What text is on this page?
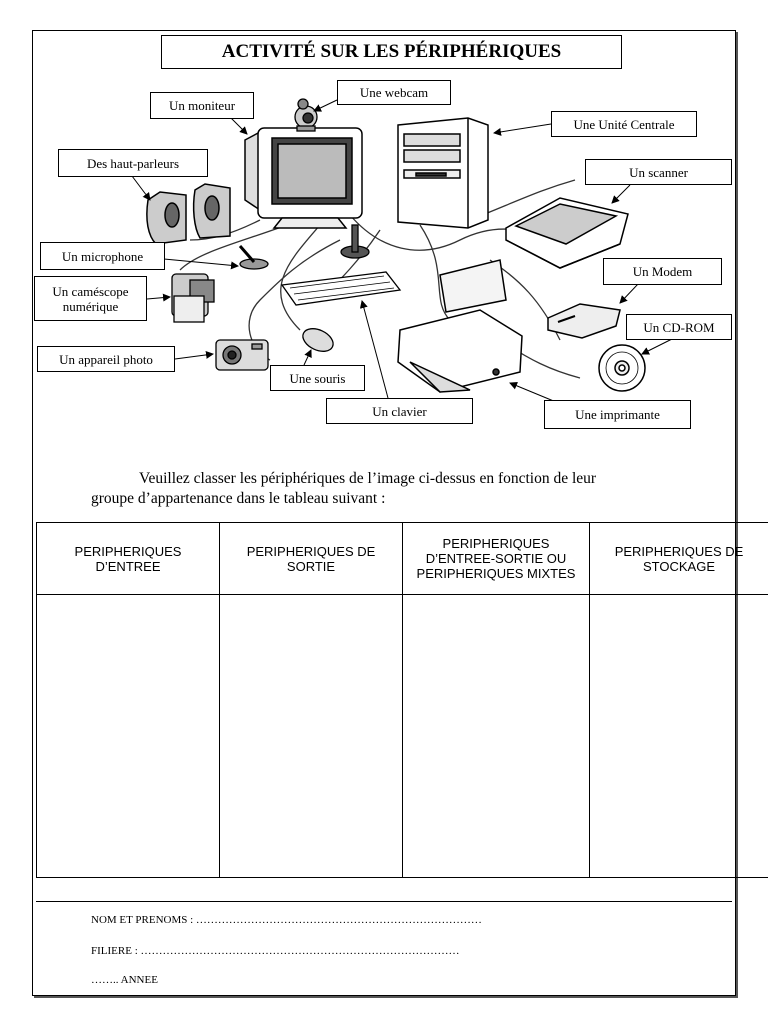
ACTIVITÉ SUR LES PÉRIPHÉRIQUES
Un moniteur
Une webcam
Une Unité Centrale
Des haut-parleurs
Un scanner
Un microphone
Un Modem
Un caméscope
numérique
Un CD-ROM
Un appareil photo
Une souris
Un clavier	Une imprimante
Veuillez classer les périphériques de l’image ci-dessus en fonction de leur
groupe d’appartenance dans le tableau suivant :
PERIPHERIQUES D’ENTREE	PERIPHERIQUES DE SORTIE	PERIPHERIQUES D’ENTREE-SORTIE OU PERIPHERIQUES MIXTES	PERIPHERIQUES DE STOCKAGE

NOM ET PRENOMS : ……………………………………………………………………
FILIERE : ……………………………………………………………………………
…….. ANNEE
